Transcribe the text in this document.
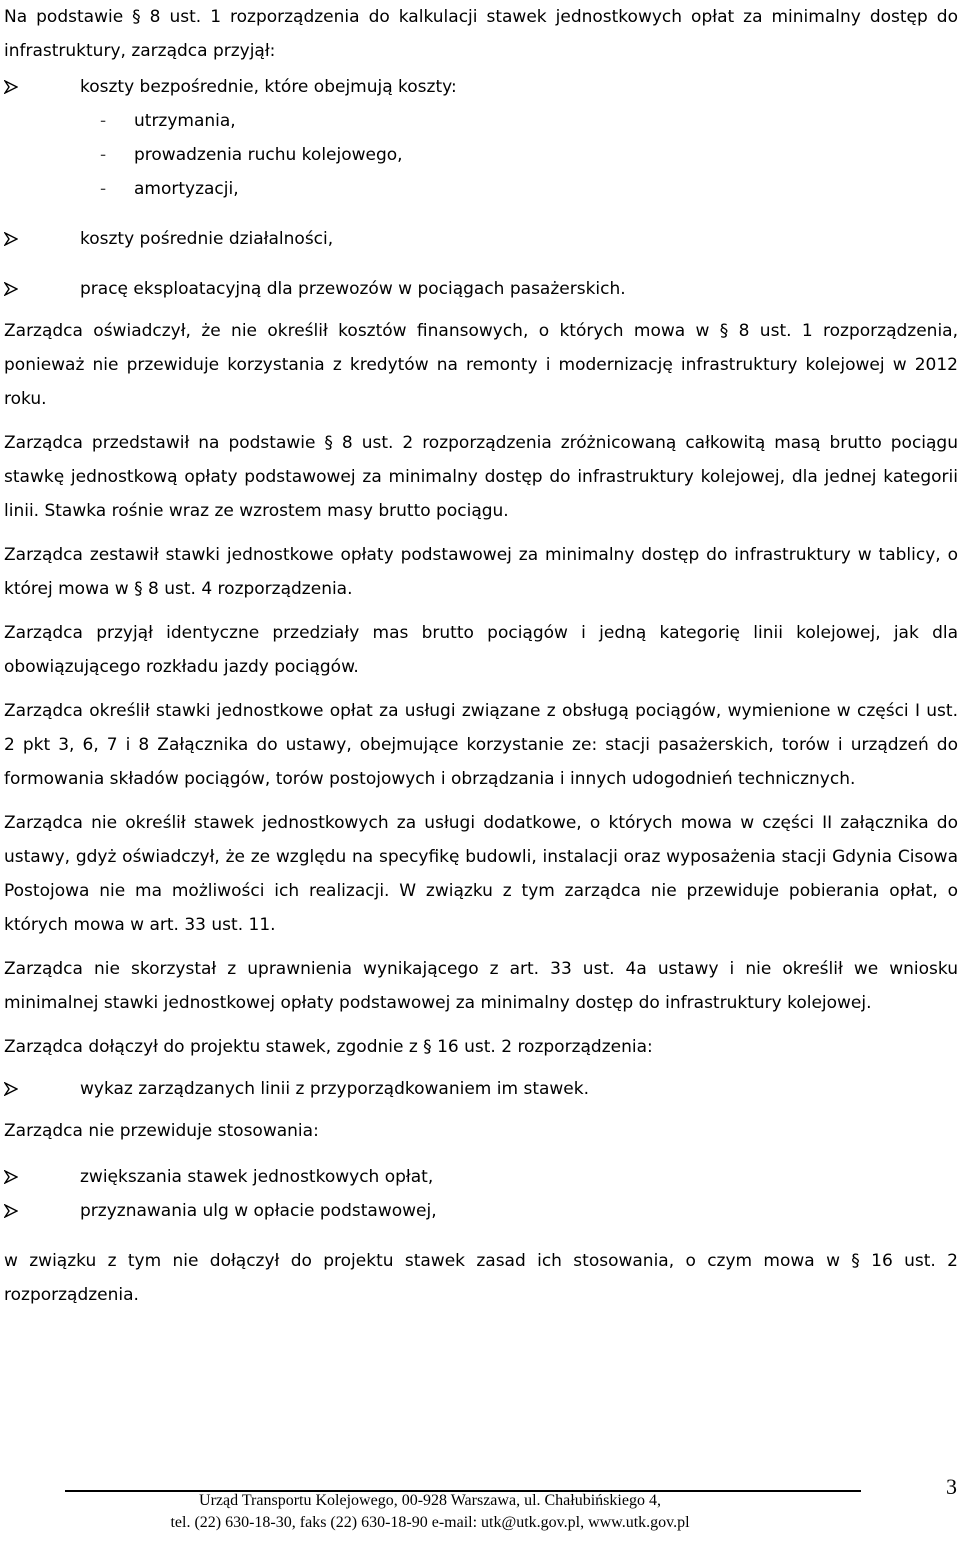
Na podstawie § 8 ust. 1 rozporządzenia do kalkulacji stawek jednostkowych opłat za minimalny dostęp do infrastruktury, zarządca przyjął:

koszty bezpośrednie, które obejmują koszty:
- utrzymania,
- prowadzenia ruchu kolejowego,
- amortyzacji,
koszty pośrednie działalności,
pracę eksploatacyjną dla przewozów w pociągach pasażerskich.

Zarządca oświadczył, że nie określił kosztów finansowych, o których mowa w § 8 ust. 1 rozporządzenia, ponieważ nie przewiduje korzystania z kredytów na remonty i modernizację infrastruktury kolejowej w 2012 roku.

Zarządca przedstawił na podstawie § 8 ust. 2 rozporządzenia zróżnicowaną całkowitą masą brutto pociągu stawkę jednostkową opłaty podstawowej za minimalny dostęp do infrastruktury kolejowej, dla jednej kategorii linii. Stawka rośnie wraz ze wzrostem masy brutto pociągu.

Zarządca zestawił stawki jednostkowe opłaty podstawowej za minimalny dostęp do infrastruktury w tablicy, o której mowa w § 8 ust. 4 rozporządzenia.

Zarządca przyjął identyczne przedziały mas brutto pociągów i jedną kategorię linii kolejowej, jak dla obowiązującego rozkładu jazdy pociągów.

Zarządca określił stawki jednostkowe opłat za usługi związane z obsługą pociągów, wymienione w części I ust. 2 pkt 3, 6, 7 i 8 Załącznika do ustawy, obejmujące korzystanie ze: stacji pasażerskich, torów i urządzeń do formowania składów pociągów, torów postojowych i obrządzania i innych udogodnień technicznych.

Zarządca nie określił stawek jednostkowych za usługi dodatkowe, o których mowa w części II załącznika do ustawy, gdyż oświadczył, że ze względu na specyfikę budowli, instalacji oraz wyposażenia stacji Gdynia Cisowa Postojowa nie ma możliwości ich realizacji. W związku z tym zarządca nie przewiduje pobierania opłat, o których mowa w art. 33 ust. 11.

Zarządca nie skorzystał z uprawnienia wynikającego z art. 33 ust. 4a ustawy i nie określił we wniosku minimalnej stawki jednostkowej opłaty podstawowej za minimalny dostęp do infrastruktury kolejowej.

Zarządca dołączył do projektu stawek, zgodnie z § 16 ust. 2 rozporządzenia:

wykaz zarządzanych linii z przyporządkowaniem im stawek.

Zarządca nie przewiduje stosowania:

zwiększania stawek jednostkowych opłat,
przyznawania ulg w opłacie podstawowej,

w związku z tym nie dołączył do projektu stawek zasad ich stosowania, o czym mowa w § 16 ust. 2 rozporządzenia.

Urząd Transportu Kolejowego, 00-928 Warszawa, ul. Chałubińskiego 4,
tel. (22) 630-18-30, faks (22) 630-18-90 e-mail: utk@utk.gov.pl, www.utk.gov.pl
3
